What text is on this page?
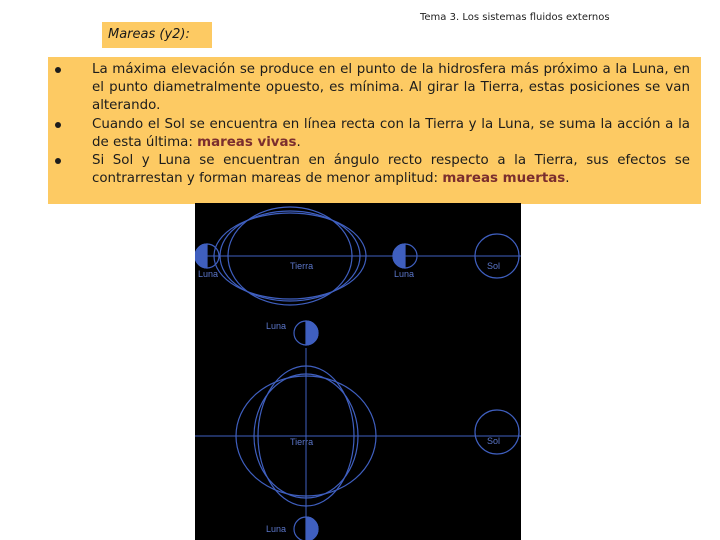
Mareas (y2):
Tema 3. Los sistemas fluidos externos
La máxima elevación se produce en el punto de la hidrosfera más próximo a la Luna, en el punto diametralmente opuesto, es mínima. Al girar la Tierra, estas posiciones se van alterando.
Cuando el Sol se encuentra en línea recta con la Tierra y la Luna, se suma la acción a la de esta última: mareas vivas.
Si Sol y Luna se encuentran en ángulo recto respecto a la Tierra, sus efectos se contrarrestan y forman mareas de menor amplitud: mareas muertas.
Luna
Tierra
Luna
Sol
Luna
Tierra	Sol
Luna
